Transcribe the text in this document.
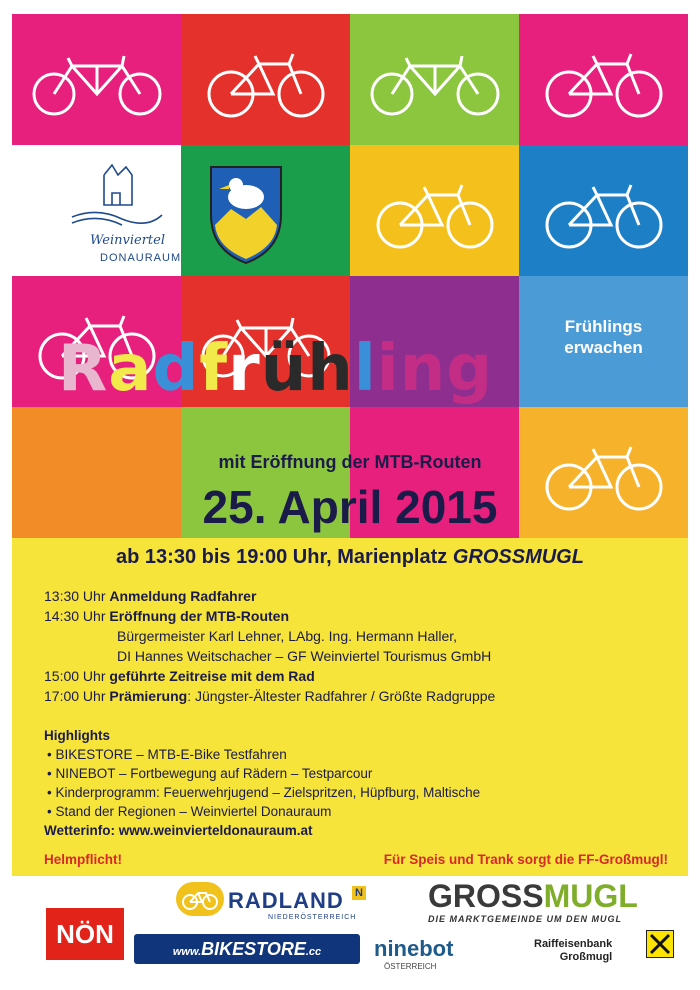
Weinviertel
DONAURAUM
Frühlings
erwachen
Radfrühling
mit Eröffnung der MTB-Routen
25. April 2015
ab 13:30 bis 19:00 Uhr, Marienplatz GROSSMUGL
13:30 Uhr Anmeldung Radfahrer
14:30 Uhr Eröffnung der MTB-Routen
Bürgermeister Karl Lehner, LAbg. Ing. Hermann Haller,
DI Hannes Weitschacher – GF Weinviertel Tourismus GmbH
15:00 Uhr geführte Zeitreise mit dem Rad
17:00 Uhr Prämierung: Jüngster-Ältester Radfahrer / Größte Radgruppe
Highlights
• BIKESTORE – MTB-E-Bike Testfahren
• NINEBOT – Fortbewegung auf Rädern – Testparcour
• Kinderprogramm: Feuerwehrjugend – Zielspritzen, Hüpfburg, Maltische
• Stand der Regionen – Weinviertel Donauraum
Wetterinfo: www.weinvierteldonauraum.at
Helmpflicht!	Für Speis und Trank sorgt die FF-Großmugl!
NÖN
RADLAND N
NIEDERÖSTERREICH
www.BIKESTORE.cc
GROSSMUGL
DIE MARKTGEMEINDE UM DEN MUGL
ninebot
ÖSTERREICH
Raiffeisenbank
Großmugl
